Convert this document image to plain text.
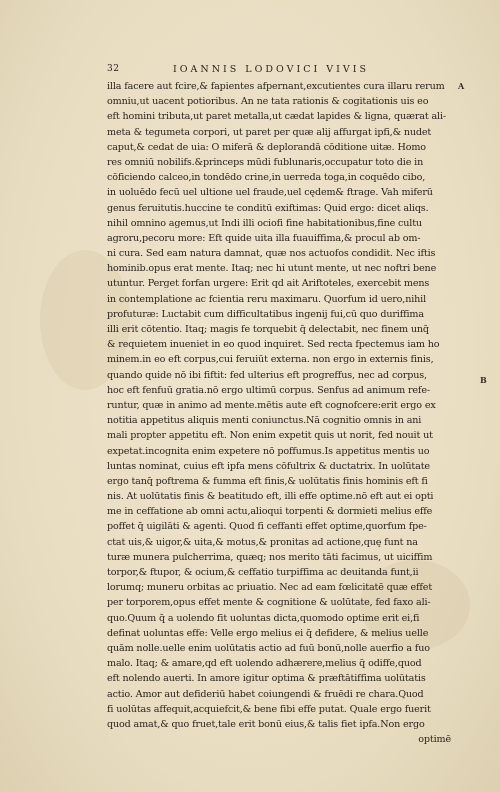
32	IOANNIS LODOVICI VIVIS
A
B
illa facere aut fcire,& fapientes afpernant,excutientes cura illaru rerum
omniu,ut uacent potioribus. An ne tata rationis & cogitationis uis eo
eft homini tributa,ut paret metalla,ut cædat lapides & ligna, quærat ali-
meta & tegumeta corpori, ut paret per quæ alij affurgat ipfi,& nudet
caput,& cedat de uia: O miferā & deplorandā cōditione uitæ. Homo
res omniū nobilifs.&princeps mūdi fublunaris,occupatur toto die in
cōficiendo calceo,in tondēdo crine,in uerreda toga,in coquēdo cibo,
in uoluēdo fecū uel ultione uel fraude,uel cędem& ftrage. Vah miferū
genus feruitutis.huccine te conditū exiftimas: Quid ergo: dicet aliqs.
nihil omnino agemus,ut Indi illi ociofi fine habitationibus,fine cultu
agroru,pecoru more: Eft quide uita illa fuauiffima,& procul ab om-
ni cura. Sed eam natura damnat, quæ nos actuofos condidit. Nec iftis
hominib.opus erat mente. Itaq; nec hi utunt mente, ut nec noftri bene
utuntur. Perget forfan urgere: Erit qd ait Ariftoteles, exercebit mens
in contemplatione ac fcientia reru maximaru. Quorfum id uero,nihil
profuturæ: Luctabit cum difficultatibus ingenij fui,cū quo duriffima
illi erit cōtentio. Itaq; magis fe torquebit q̄ delectabit, nec finem unq̄
& requietem inueniet in eo quod inquiret. Sed recta fpectemus iam ho
minem.in eo eft corpus,cui feruiūt externa. non ergo in externis finis,
quando quide nō ibi fiftit: fed ulterius eft progreffus, nec ad corpus,
hoc eft fenfuū gratia.nō ergo ultimū corpus. Senfus ad animum refe-
runtur, quæ in animo ad mente.mētis aute eft cognofcere:erit ergo ex
notitia appetitus aliquis menti coniunctus.Nā cognitio omnis in ani
mali propter appetitu eft. Non enim expetit quis ut norit, fed nouit ut
expetat.incognita enim expetere nō poffumus.Is appetitus mentis uo
luntas nominat, cuius eft ipfa mens cōfultrix & ductatrix. In uolūtate
ergo tanq̄ poftrema & fumma eft finis,& uolūtatis finis hominis eft fi
nis. At uolūtatis finis & beatitudo eft, illi effe optime.nō eft aut ei opti
me in ceffatione ab omni actu,alioqui torpenti & dormieti melius effe
poffet q̄ uigilāti & agenti. Quod fi ceffanti effet optime,quorfum fpe-
ctat uis,& uigor,& uita,& motus,& pronitas ad actione,quę funt na
turæ munera pulcherrima, quæq; nos merito tāti facimus, ut uiciffim
torpor,& ftupor, & ocium,& ceffatio turpiffima ac deuitanda funt,ii
lorumq; muneru orbitas ac priuatio. Nec ad eam fœlicitatē quæ effet
per torporem,opus effet mente & cognitione & uolūtate, fed faxo ali-
quo.Quum q̄ a uolendo fit uoluntas dicta,quomodo optime erit ei,fi
definat uoluntas effe: Velle ergo melius ei q̄ defidere, & melius uelle
quām nolle.uelle enim uolūtatis actio ad fuū bonū,nolle auerfio a fuo
malo. Itaq; & amare,qd eft uolendo adhærere,melius q̄ odiffe,quod
eft nolendo auerti. In amore igitur optima & præftātiffima uolūtatis
actio. Amor aut defideriū habet coiungendi & fruēdi re chara.Quod
fi uolūtas affequit,acquiefcit,& bene fibi effe putat. Quale ergo fuerit
quod amat,& quo fruet,tale erit bonū eius,& talis fiet ipfa.Non ergo
optimē
